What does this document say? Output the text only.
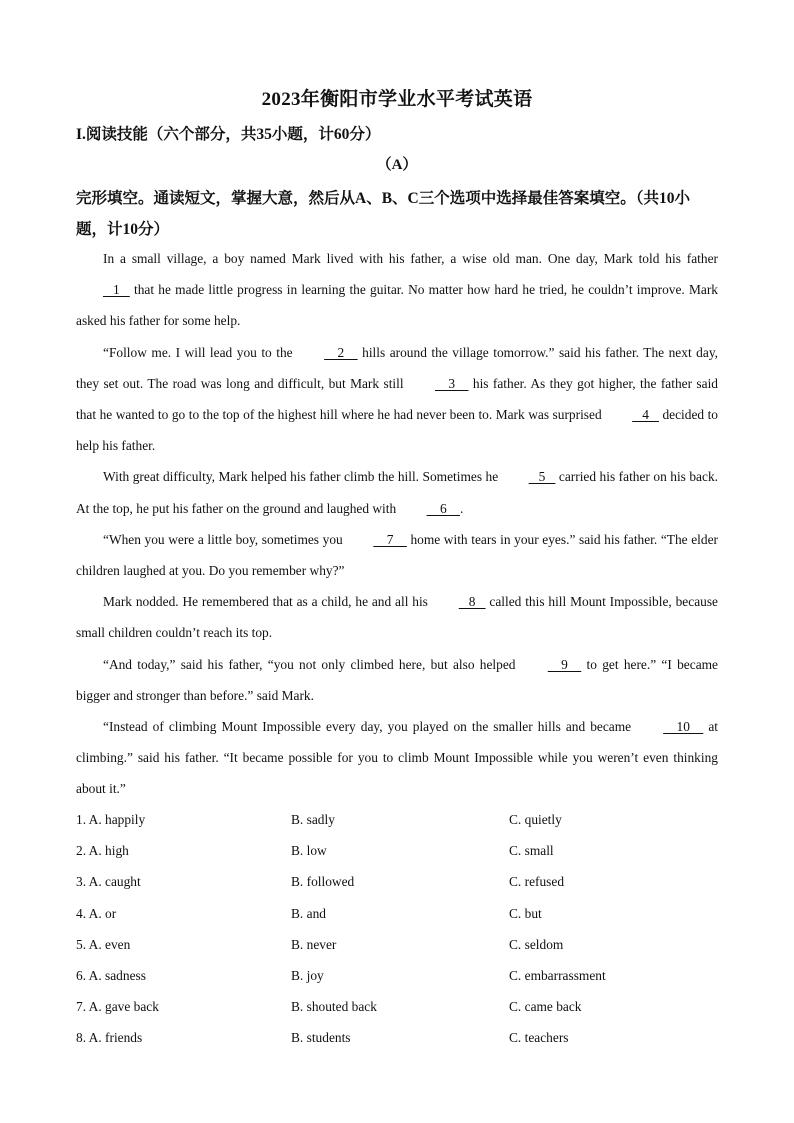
2023年衡阳市学业水平考试英语
I.阅读技能（六个部分，共35小题，计60分）
（A）
完形填空。通读短文，掌握大意，然后从A、B、C三个选项中选择最佳答案填空。（共10小题，计10分）

In a small village, a boy named Mark lived with his father, a wise old man. One day, Mark told his father    1    that he made little progress in learning the guitar. No matter how hard he tried, he couldn’t improve. Mark asked his father for some help.

“Follow me. I will lead you to the     2     hills around the village tomorrow.” said his father. The next day, they set out. The road was long and difficult, but Mark still     3     his father. As they got higher, the father said that he wanted to go to the top of the highest hill where he had never been to. Mark was surprised    4    decided to help his father.

With great difficulty, Mark helped his father climb the hill. Sometimes he    5    carried his father on his back. At the top, he put his father on the ground and laughed with     6    .

“When you were a little boy, sometimes you     7     home with tears in your eyes.” said his father. “The elder children laughed at you. Do you remember why?”

Mark nodded. He remembered that as a child, he and all his    8    called this hill Mount Impossible, because small children couldn’t reach its top.

“And today,” said his father, “you not only climbed here, but also helped     9     to get here.” “I became bigger and stronger than before.” said Mark.

“Instead of climbing Mount Impossible every day, you played on the smaller hills and became     10     at climbing.” said his father. “It became possible for you to climb Mount Impossible while you weren’t even thinking about it.”

1. A. happily	B. sadly	C. quietly
2. A. high	B. low	C. small
3. A. caught	B. followed	C. refused
4. A. or	B. and	C. but
5. A. even	B. never	C. seldom
6. A. sadness	B. joy	C. embarrassment
7. A. gave back	B. shouted back	C. came back
8. A. friends	B. students	C. teachers
